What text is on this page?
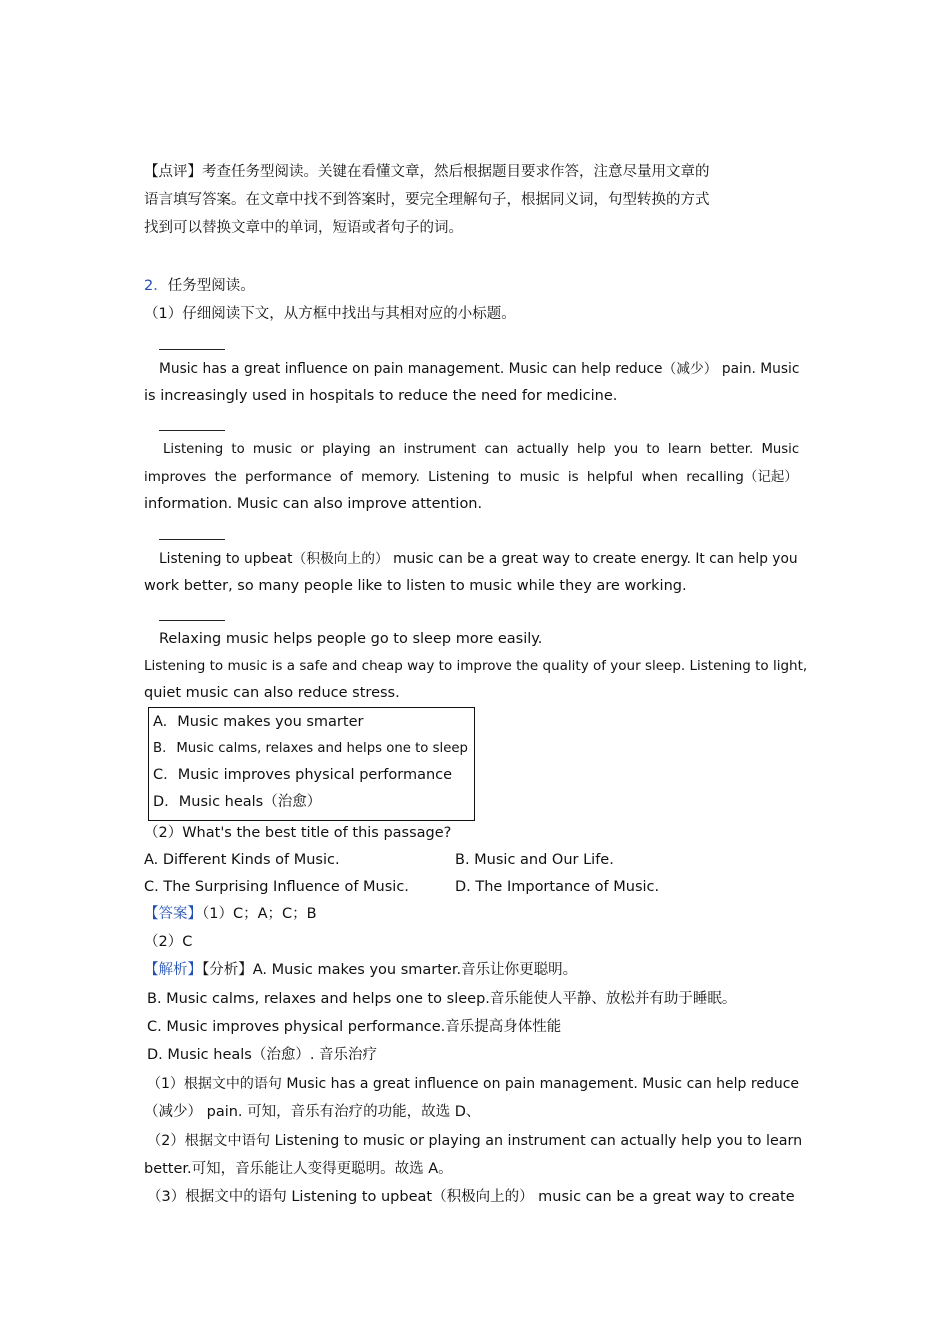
【点评】考查任务型阅读。关键在看懂文章，然后根据题目要求作答，注意尽量用文章的
语言填写答案。在文章中找不到答案时，要完全理解句子，根据同义词，句型转换的方式
找到可以替换文章中的单词，短语或者句子的词。
2．任务型阅读。
（1）仔细阅读下文，从方框中找出与其相对应的小标题。
Music has a great influence on pain management. Music can help reduce（减少） pain. Music
is increasingly used in hospitals to reduce the need for medicine.
Listening to music or playing an instrument can actually help you to learn better. Music
improves the performance of memory. Listening to music is helpful when recalling（记起）
information. Music can also improve attention.
Listening to upbeat（积极向上的） music can be a great way to create energy. It can help you
work better, so many people like to listen to music while they are working.
Relaxing music helps people go to sleep more easily.
Listening to music is a safe and cheap way to improve the quality of your sleep. Listening to light,
quiet music can also reduce stress.
A. Music makes you smarter
B. Music calms, relaxes and helps one to sleep
C. Music improves physical performance
D. Music heals（治愈）
（2）What's the best title of this passage?
A. Different Kinds of Music.	B. Music and Our Life.
C. The Surprising Influence of Music.	D. The Importance of Music.
【答案】（1）C；A；C；B
（2）C
【解析】【分析】A. Music makes you smarter.音乐让你更聪明。
B. Music calms, relaxes and helps one to sleep.音乐能使人平静、放松并有助于睡眠。
C. Music improves physical performance.音乐提高身体性能
D. Music heals（治愈）. 音乐治疗
（1）根据文中的语句 Music has a great influence on pain management. Music can help reduce
（减少） pain. 可知，音乐有治疗的功能，故选 D、
（2）根据文中语句 Listening to music or playing an instrument can actually help you to learn
better.可知，音乐能让人变得更聪明。故选 A。
（3）根据文中的语句 Listening to upbeat（积极向上的） music can be a great way to create
